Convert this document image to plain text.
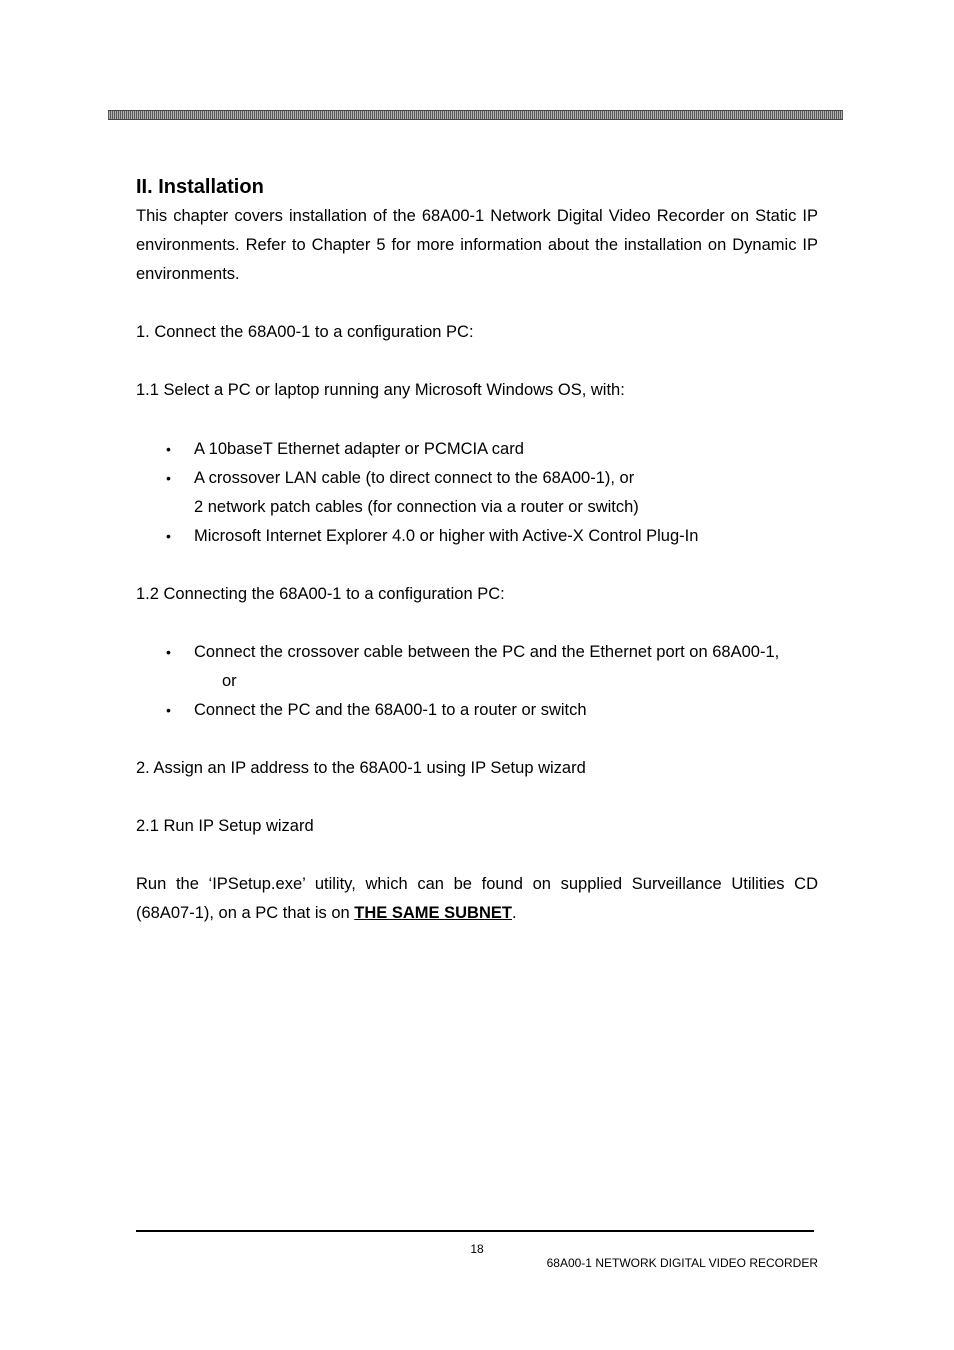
II. Installation

This chapter covers installation of the 68A00-1 Network Digital Video Recorder on Static IP environments. Refer to Chapter 5 for more information about the installation on Dynamic IP environments.

1. Connect the 68A00-1 to a configuration PC:

1.1 Select a PC or laptop running any Microsoft Windows OS, with:

• A 10baseT Ethernet adapter or PCMCIA card
• A crossover LAN cable (to direct connect to the 68A00-1), or
2 network patch cables (for connection via a router or switch)
• Microsoft Internet Explorer 4.0 or higher with Active-X Control Plug-In

1.2 Connecting the 68A00-1 to a configuration PC:

• Connect the crossover cable between the PC and the Ethernet port on 68A00-1,
or
• Connect the PC and the 68A00-1 to a router or switch

2. Assign an IP address to the 68A00-1 using IP Setup wizard

2.1 Run IP Setup wizard

Run the ‘IPSetup.exe’ utility, which can be found on supplied Surveillance Utilities CD (68A07-1), on a PC that is on THE SAME SUBNET.

18
68A00-1 NETWORK DIGITAL VIDEO RECORDER
